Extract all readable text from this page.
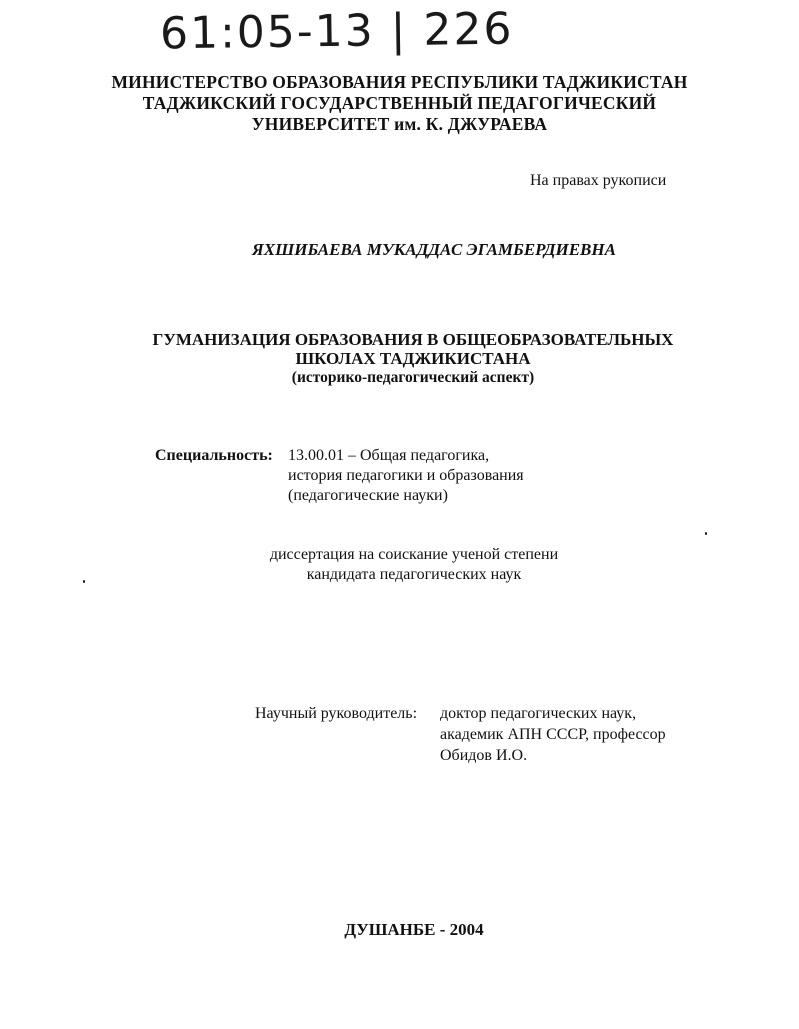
61:05-13 | 226
МИНИСТЕРСТВО ОБРАЗОВАНИЯ РЕСПУБЛИКИ ТАДЖИКИСТАН
ТАДЖИКСКИЙ ГОСУДАРСТВЕННЫЙ ПЕДАГОГИЧЕСКИЙ
УНИВЕРСИТЕТ им. К. ДЖУРАЕВА
На правах рукописи
ЯХШИБАЕВА МУКАДДАС ЭГАМБЕРДИЕВНА
ГУМАНИЗАЦИЯ ОБРАЗОВАНИЯ В ОБЩЕОБРАЗОВАТЕЛЬНЫХ
ШКОЛАХ ТАДЖИКИСТАНА
(историко-педагогический аспект)
Специальность: 13.00.01 – Общая педагогика,
история педагогики и образования
(педагогические науки)
диссертация на соискание ученой степени
кандидата педагогических наук
Научный руководитель: доктор педагогических наук,
академик АПН СССР, профессор
Обидов И.О.
ДУШАНБЕ - 2004
